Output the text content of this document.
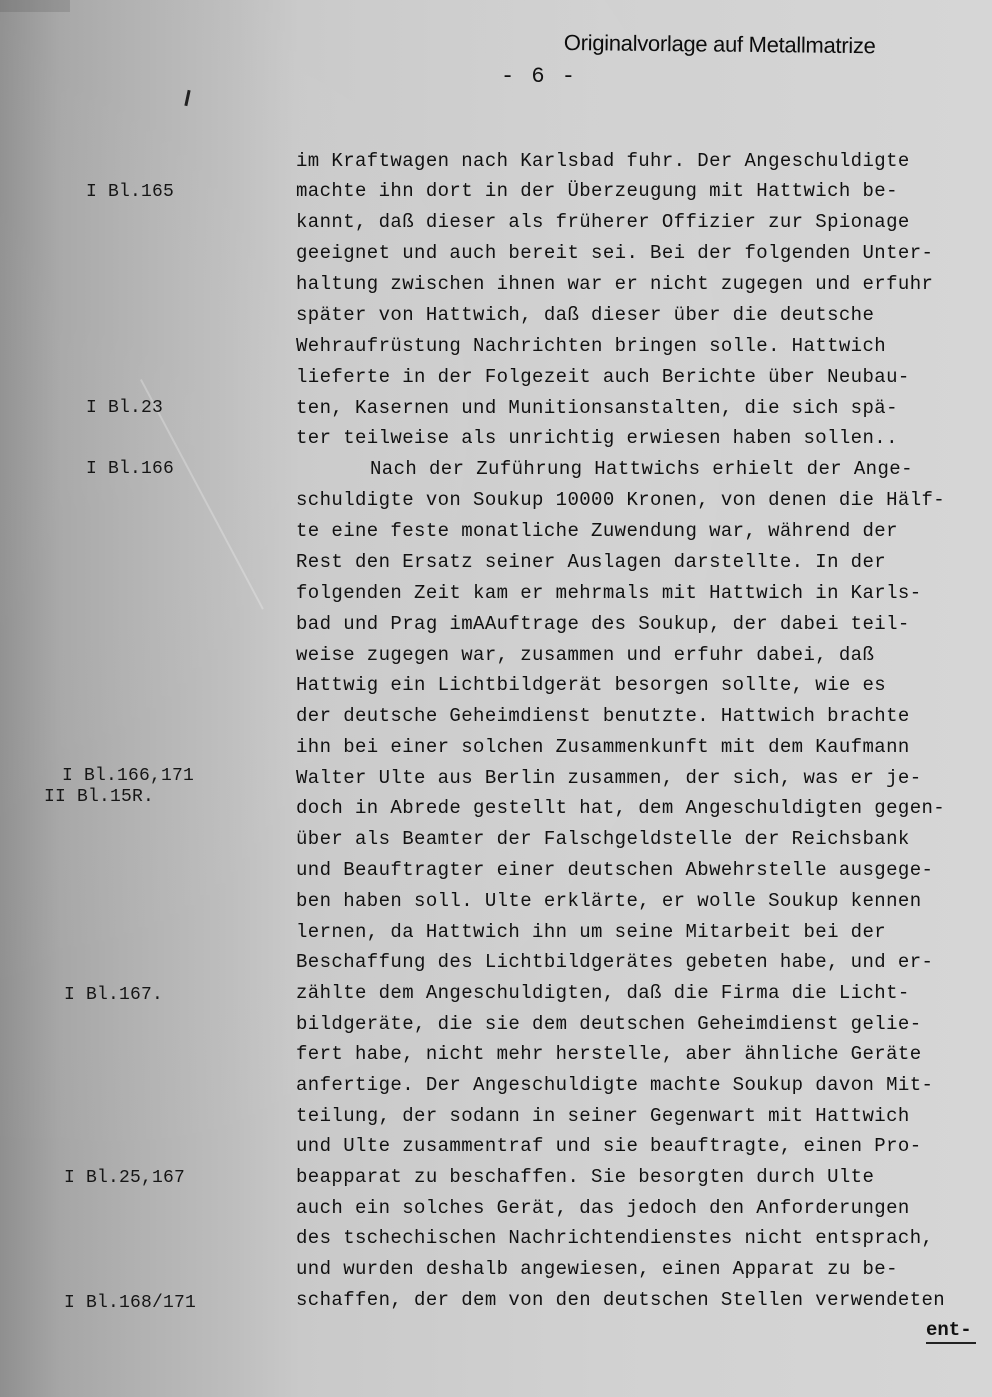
Originalvorlage auf Metallmatrize
- 6 -
I Bl.165
I Bl.23
I Bl.166
I Bl.166,171
II Bl.15R.
I Bl.167.
I Bl.25,167
I Bl.168/171
im Kraftwagen nach Karlsbad fuhr. Der Angeschuldigte
machte ihn dort in der Überzeugung mit Hattwich be-
kannt, daß dieser als früherer Offizier zur Spionage
geeignet und auch bereit sei. Bei der folgenden Unter-
haltung zwischen ihnen war er nicht zugegen und erfuhr
später von Hattwich, daß dieser über die deutsche
Wehraufrüstung Nachrichten bringen solle. Hattwich
lieferte in der Folgezeit auch Berichte über Neubau-
ten, Kasernen und Munitionsanstalten, die sich spä-
ter teilweise als unrichtig erwiesen haben sollen..
Nach der Zuführung Hattwichs erhielt der Ange-
schuldigte von Soukup 10000 Kronen, von denen die Hälf-
te eine feste monatliche Zuwendung war, während der
Rest den Ersatz seiner Auslagen darstellte. In der
folgenden Zeit kam er mehrmals mit Hattwich in Karls-
bad und Prag imAAuftrage des Soukup, der dabei teil-
weise zugegen war, zusammen und erfuhr dabei, daß
Hattwig ein Lichtbildgerät besorgen sollte, wie es
der deutsche Geheimdienst benutzte. Hattwich brachte
ihn bei einer solchen Zusammenkunft mit dem Kaufmann
Walter Ulte aus Berlin zusammen, der sich, was er je-
doch in Abrede gestellt hat, dem Angeschuldigten gegen-
über als Beamter der Falschgeldstelle der Reichsbank
und Beauftragter einer deutschen Abwehrstelle ausgege-
ben haben soll. Ulte erklärte, er wolle Soukup kennen
lernen, da Hattwich ihn um seine Mitarbeit bei der
Beschaffung des Lichtbildgerätes gebeten habe, und er-
zählte dem Angeschuldigten, daß die Firma die Licht-
bildgeräte, die sie dem deutschen Geheimdienst gelie-
fert habe, nicht mehr herstelle, aber ähnliche Geräte
anfertige. Der Angeschuldigte machte Soukup davon Mit-
teilung, der sodann in seiner Gegenwart mit Hattwich
und Ulte zusammentraf und sie beauftragte, einen Pro-
beapparat zu beschaffen. Sie besorgten durch Ulte
auch ein solches Gerät, das jedoch den Anforderungen
des tschechischen Nachrichtendienstes nicht entsprach,
und wurden deshalb angewiesen, einen Apparat zu be-
schaffen, der dem von den deutschen Stellen verwendeten
ent-
